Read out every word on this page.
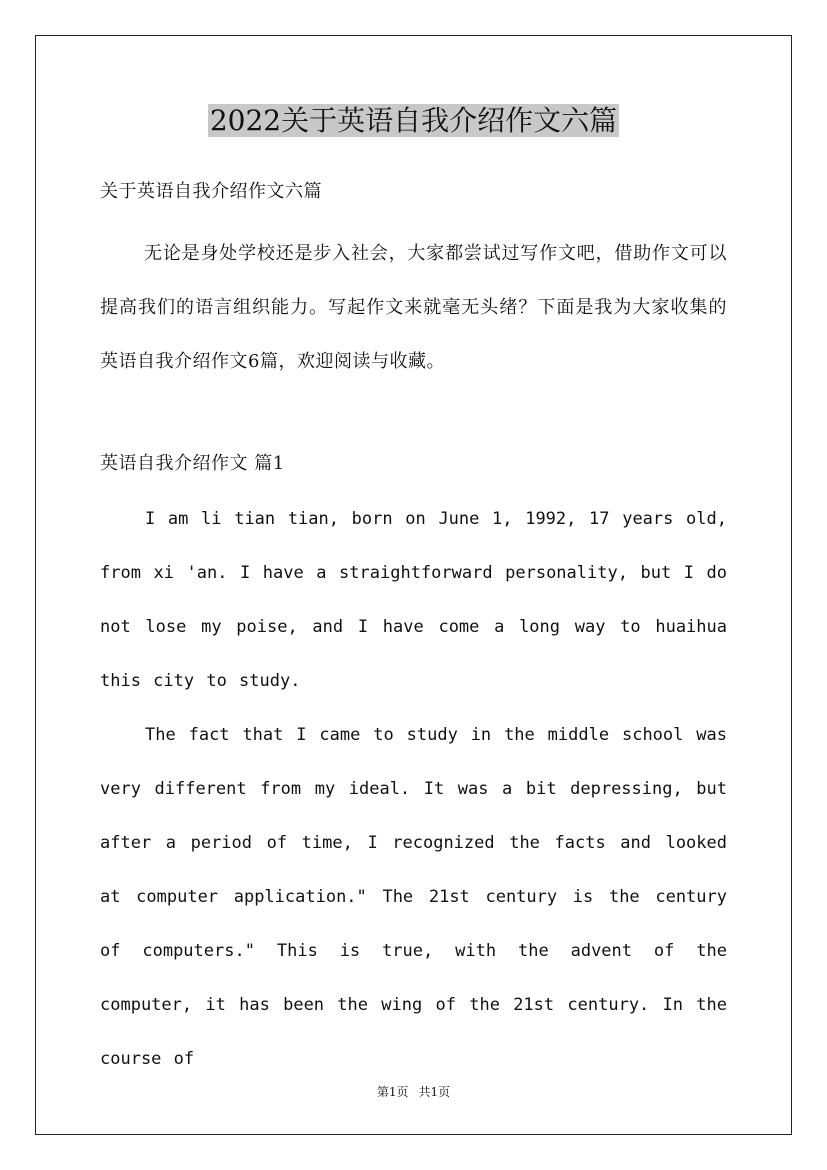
2022关于英语自我介绍作文六篇
关于英语自我介绍作文六篇
无论是身处学校还是步入社会，大家都尝试过写作文吧，借助作文可以提高我们的语言组织能力。写起作文来就毫无头绪？下面是我为大家收集的英语自我介绍作文6篇，欢迎阅读与收藏。
英语自我介绍作文 篇1
I am li tian tian, born on June 1, 1992, 17 years old, from xi 'an. I have a straightforward personality, but I do not lose my poise, and I have come a long way to huaihua this city to study.
The fact that I came to study in the middle school was very different from my ideal. It was a bit depressing, but after a period of time, I recognized the facts and looked at computer application." The 21st century is the century of computers." This is true, with the advent of the computer, it has been the wing of the 21st century. In the course of
第1页 共1页
